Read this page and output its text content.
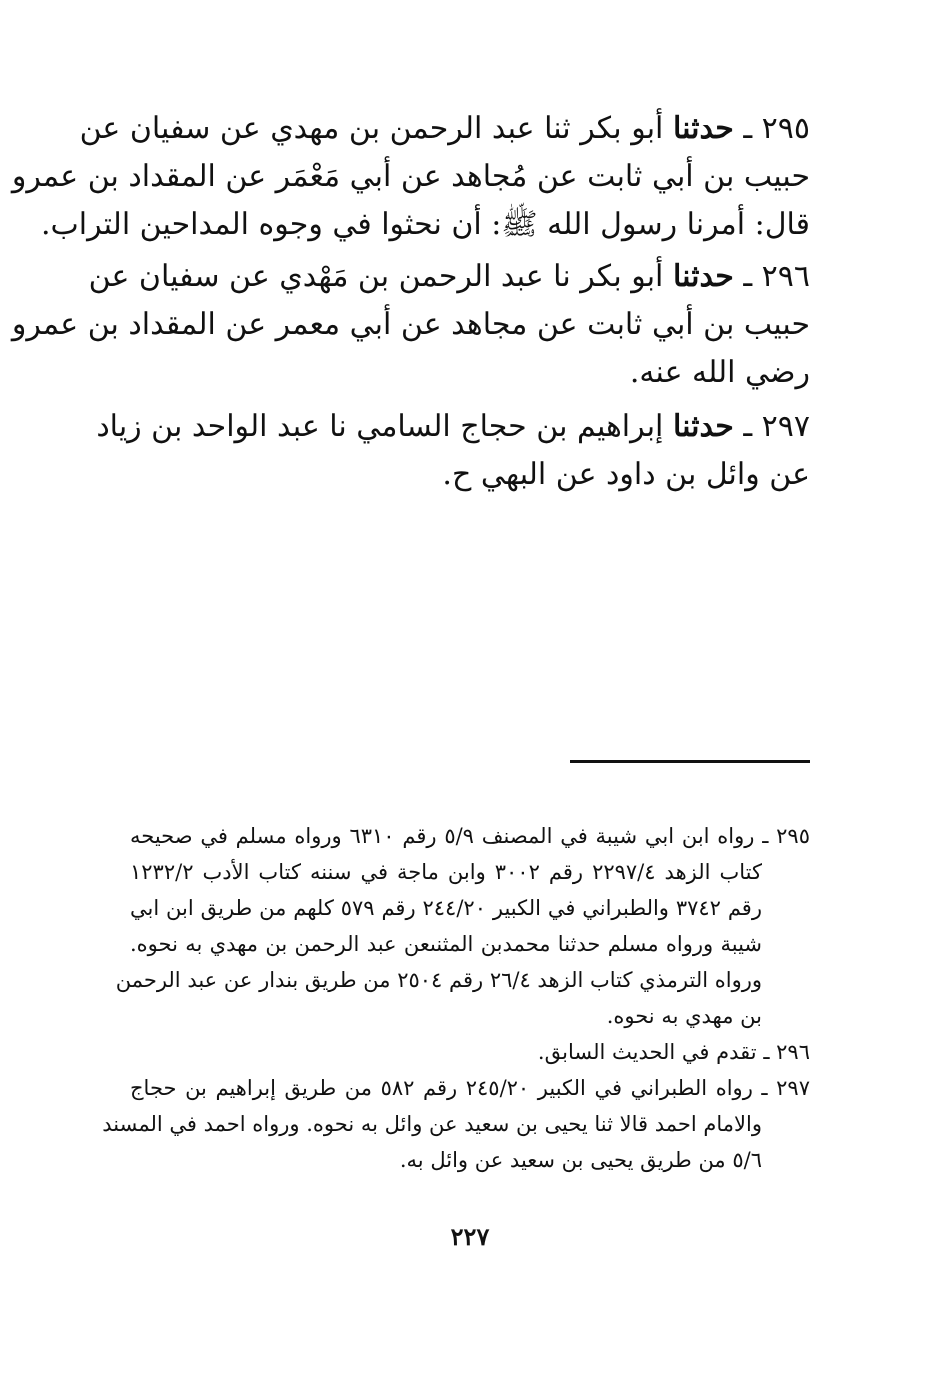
٢٩٥ ـ حدثنا أبو بكر ثنا عبد الرحمن بن مهدي عن سفيان عن
حبيب بن أبي ثابت عن مُجاهد عن أبي مَعْمَر عن المقداد بن عمرو
قال: أمرنا رسول الله ﷺ: أن نحثوا في وجوه المداحين التراب.
٢٩٦ ـ حدثنا أبو بكر نا عبد الرحمن بن مَهْدي عن سفيان عن
حبيب بن أبي ثابت عن مجاهد عن أبي معمر عن المقداد بن عمرو
رضي الله عنه.
٢٩٧ ـ حدثنا إبراهيم بن حجاج السامي نا عبد الواحد بن زياد
عن وائل بن داود عن البهي ح.
٢٩٥ ـ رواه ابن ابي شيبة في المصنف ٥/٩ رقم ٦٣١٠ ورواه مسلم في صحيحه
كتاب الزهد ٢٢٩٧/٤ رقم ٣٠٠٢ وابن ماجة في سننه كتاب الأدب ١٢٣٢/٢
رقم ٣٧٤٢ والطبراني في الكبير ٢٤٤/٢٠ رقم ٥٧٩ كلهم من طريق ابن ابي
شيبة ورواه مسلم حدثنا محمدبن المثنىعن عبد الرحمن بن مهدي به نحوه.
ورواه الترمذي كتاب الزهد ٢٦/٤ رقم ٢٥٠٤ من طريق بندار عن عبد الرحمن
بن مهدي به نحوه.
٢٩٦ ـ تقدم في الحديث السابق.
٢٩٧ ـ رواه الطبراني في الكبير ٢٤٥/٢٠ رقم ٥٨٢ من طريق إبراهيم بن حجاج
والامام احمد قالا ثنا يحيى بن سعيد عن وائل به نحوه. ورواه احمد في المسند
٥/٦ من طريق يحيى بن سعيد عن وائل به.
٢٢٧
